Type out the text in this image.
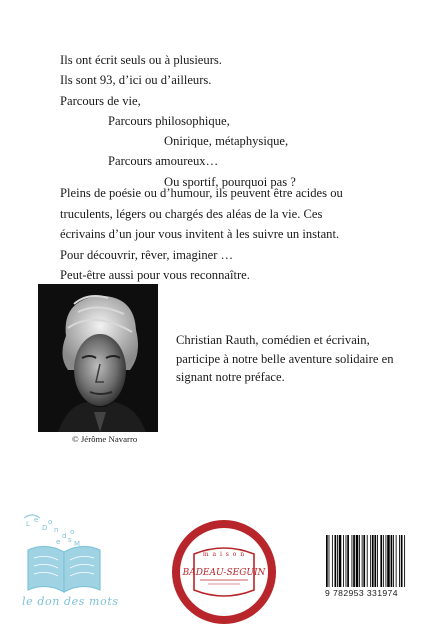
Ils ont écrit seuls ou à plusieurs.
Ils sont 93, d’ici ou d’ailleurs.
Parcours de vie,
Parcours philosophique,
Onirique, métaphysique,
Parcours amoureux…
Ou sportif, pourquoi pas ?
Pleins de poésie ou d’humour, ils peuvent être acides ou
truculents, légers ou chargés des aléas de la vie. Ces
écrivains d’un jour vous invitent à les suivre un instant.
Pour découvrir, rêver, imaginer …
Peut-être aussi pour vous reconnaître.
© Jérôme Navarro
Christian Rauth, comédien et écrivain,
participe à notre belle aventure solidaire en
signant notre préface.
L e
D
o
n
d
e s M
o
le don des mots
m a i s o n
BADEAU-SEGUIN
9 782953 331974
